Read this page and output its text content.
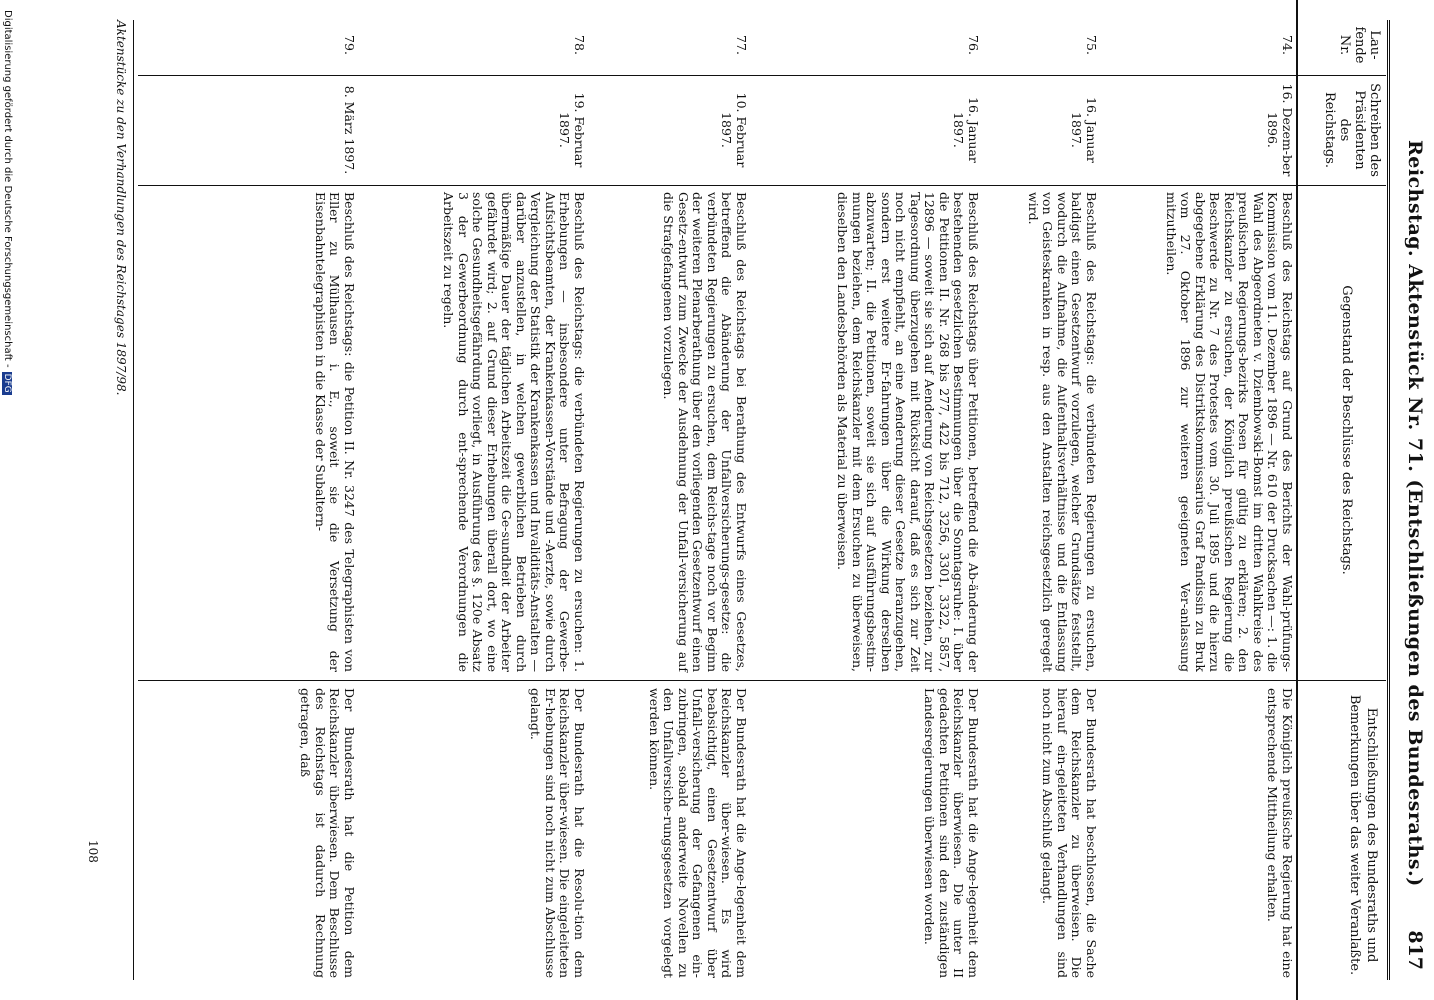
Reichstag. Aktenstück Nr. 71. (Entschließungen des Bundesraths.)
817
Lau-fende Nr.
Schreiben des Präsidenten des Reichstags.
Gegenstand der Beschlüsse des Reichstags.
Entschließungen des Bundesraths und Bemerkungen über das weiter Veranlaßte.
74.
16. Dezem-ber 1896.
Beschluß des Reichstags auf Grund des Berichts der Wahl-prüfungs-Kommission vom 11. Dezember 1896 — Nr. 610 der Drucksachen —: 1. die Wahl des Abgeordneten v. Dziembowski-Bomst im dritten Wahlkreise des preußischen Regierungs-bezirks Posen für gültig zu erklären; 2. den Reichskanzler zu ersuchen, der Königlich preußischen Regierung die Beschwerde zu Nr. 7 des Protestes vom 30. Juli 1895 und die hierzu abgegebene Erklärung des Distriktskommissarius Graf Pandissin zu Bruk vom 27. Oktober 1896 zur weiteren geeigneten Ver-anlassung mitzutheilen.
Die Königlich preußische Regierung hat eine entsprechende Mittheilung erhalten.
75.
16. Januar 1897.
Beschluß des Reichstags: die verbündeten Regierungen zu ersuchen, baldigst einen Gesetzentwurf vorzulegen, welcher Grundsätze feststellt, wodurch die Aufnahme, die Aufenthaltsverhältnisse und die Entlassung von Geisteskranken in resp. aus den Anstalten reichsgesetzlich geregelt wird.
Der Bundesrath hat beschlossen, die Sache dem Reichskanzler zu überweisen. Die hierauf ein-geleiteten Verhandlungen sind noch nicht zum Abschluß gelangt.
76.
16. Januar 1897.
Beschluß des Reichstags über Petitionen, betreffend die Ab-änderung der bestehenden gesetzlichen Bestimmungen über die Sonntagsruhe: I. über die Petitionen II. Nr. 268 bis 277, 422 bis 712, 3256, 3301, 3322, 5857, 12896 — soweit sie sich auf Aenderung von Reichsgesetzen beziehen, zur Tagesordnung überzugehen mit Rücksicht darauf, daß es sich zur Zeit noch nicht empfiehlt, an eine Aenderung dieser Gesetze heranzugehen, sondern erst weitere Er-fahrungen über die Wirkung derselben abzuwarten; II. die Petitionen, soweit sie sich auf Ausführungsbestim-mungen beziehen, dem Reichskanzler mit dem Ersuchen zu überweisen, dieselben den Landesbehörden als Material zu überweisen.
Der Bundesrath hat die Ange-legenheit dem Reichskanzler überwiesen. Die unter II gedachten Petitionen sind den zuständigen Landesregierungen überwiesen worden.
77.
10. Februar 1897.
Beschluß des Reichstags bei Berathung des Entwurfs eines Gesetzes, betreffend die Abänderung der Unfallversicherungs-gesetze: die verbündeten Regierungen zu ersuchen, dem Reichs-tage noch vor Beginn der weiteren Plenarberathung über den vorliegenden Gesetzentwurf einen Gesetz-entwurf zum Zwecke der Ausdehnung der Unfall-versicherung auf die Strafgefangenen vorzulegen.
Der Bundesrath hat die Ange-legenheit dem Reichskanzler über-wiesen. Es wird beabsichtigt, einen Gesetzentwurf über Unfall-versicherung der Gefangenen ein-zubringen, sobald anderweite Novellen zu den Unfallversiche-rungsgesetzen vorgelegt werden können.
78.
19. Februar 1897.
Beschluß des Reichstags: die verbündeten Regierungen zu ersuchen: 1. Erhebungen — insbesondere unter Befragung der Gewerbe-Aufsichtsbeamten, der Krankenkassen-Vorstände und -Aerzte, sowie durch Vergleichung der Statistik der Krankenkassen und Invaliditäts-Anstalten — darüber anzustellen, in welchen gewerblichen Betrieben durch übermäßige Dauer der täglichen Arbeitszeit die Ge-sundheit der Arbeiter gefährdet wird; 2. auf Grund dieser Erhebungen überall dort, wo eine solche Gesundheitsgefährdung vorliegt, in Ausführung des §. 120e Absatz 3 der Gewerbeordnung durch ent-sprechende Verordnungen die Arbeitszeit zu regeln.
Der Bundesrath hat die Resolu-tion dem Reichskanzler über-wiesen. Die eingeleiteten Er-hebungen sind noch nicht zum Abschlusse gelangt.
79.
8. März 1897.
Beschluß des Reichstags: die Petition II. Nr. 3247 des Telegraphisten von Eller zu Mülhausen i. E., soweit sie die Versetzung der Eisenbahntelegraphisten in die Klasse der Subaltern-
Der Bundesrath hat die Petition dem Reichskanzler überwiesen. Dem Beschlusse des Reichstags ist dadurch Rechnung getragen, daß
Aktenstücke zu den Verhandlungen des Reichstages 1897/98.
Digitalisierung gefördert durch die Deutsche Forschungsgemeinschaft -DFG
108
